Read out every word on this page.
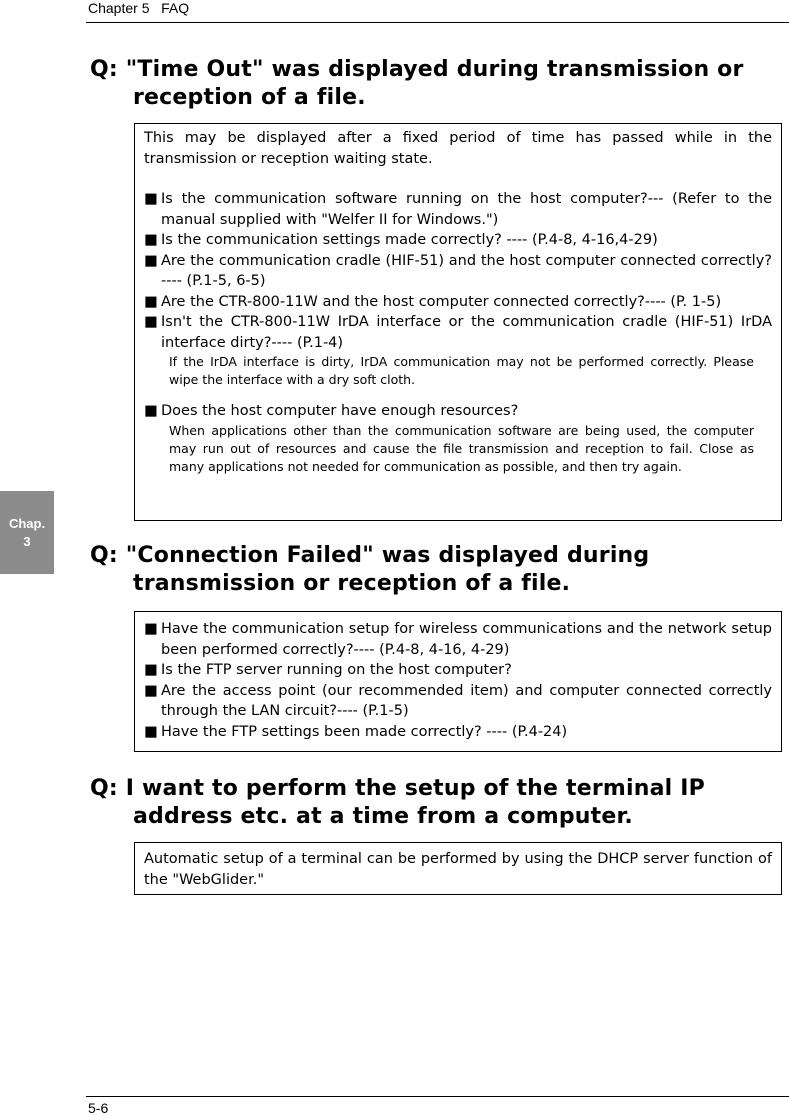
Chapter 5   FAQ
Chap.
3
Q: "Time Out" was displayed during transmission or
reception of a file.

This may be displayed after a fixed period of time has passed while in the transmission or reception waiting state.

■ Is the communication software running on the host computer?--- (Refer to the manual supplied with "Welfer II for Windows.")
■ Is the communication settings made correctly? ---- (P.4-8, 4-16,4-29)
■ Are the communication cradle (HIF-51) and the host computer connected correctly? ---- (P.1-5, 6-5)
■ Are the CTR-800-11W and the host computer connected correctly?---- (P. 1-5)
■ Isn't the CTR-800-11W IrDA interface or the communication cradle (HIF-51) IrDA interface dirty?---- (P.1-4)
If the IrDA interface is dirty, IrDA communication may not be performed correctly. Please wipe the interface with a dry soft cloth.
■ Does the host computer have enough resources?
When applications other than the communication software are being used, the computer may run out of resources and cause the file transmission and reception to fail. Close as many applications not needed for communication as possible, and then try again.
Q: "Connection Failed" was displayed during
transmission or reception of a file.
■ Have the communication setup for wireless communications and the network setup been performed correctly?---- (P.4-8, 4-16, 4-29)
■ Is the FTP server running on the host computer?
■ Are the access point (our recommended item) and computer connected correctly through the LAN circuit?---- (P.1-5)
■ Have the FTP settings been made correctly? ---- (P.4-24)
Q: I want to perform the setup of the terminal IP
address etc. at a time from a computer.

Automatic setup of a terminal can be performed by using the DHCP server function of the "WebGlider."

5-6
